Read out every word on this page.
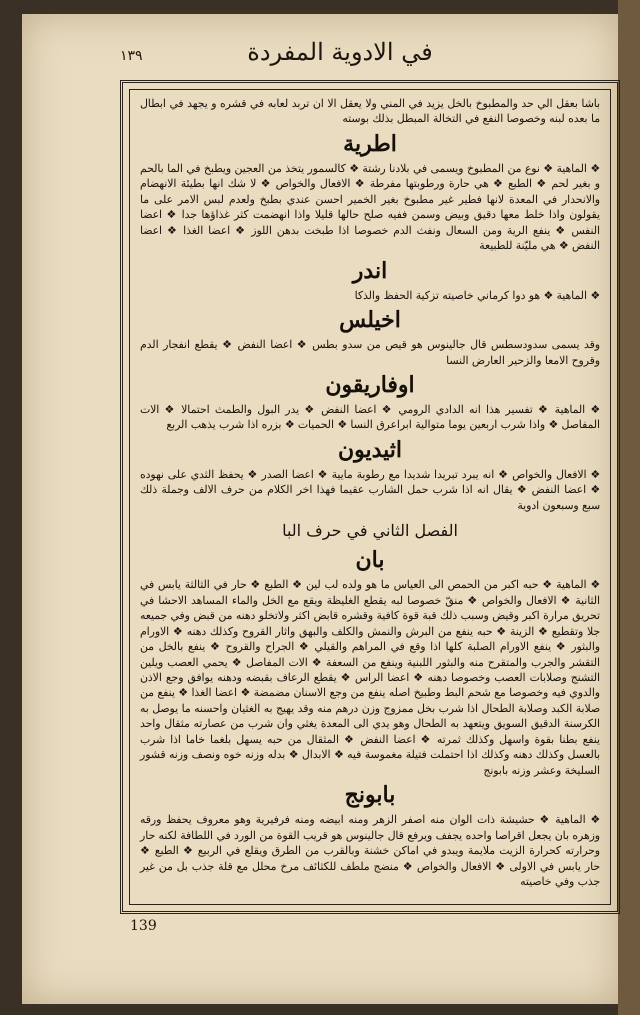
في الادوية المفردة
١٣٩

باشا بعقل الي حد والمطبوخ بالخل يزيد في المني ولا يعقل الا ان تربد لعابه في قشره و يجهد في ابطال ما بعده لبنه وخصوصا النفع في التخالة المبطل بذلك بوسته

اطرية

❖ الماهية ❖ نوع من المطبوخ ويسمى في بلادنا رشتة ❖ كالسمور يتخذ من العجين ويطبخ في الما بالحم و بغير لحم ❖ الطبع ❖ هي حارة ورطوبتها مفرطة ❖ الافعال والخواص ❖ لا شك انها بطيئة الانهضام والانحدار في المعدة لانها فطير غير مطبوخ بغير الخمير احسن عندي بطبخ ولعدم لبس الامر على ما يقولون واذا خلط معها دقيق وبيض وسمن ففيه صلح حالها قليلا واذا انهضمت كثر غذاؤها جدا ❖ اعضا النفس ❖ ينفع الرية ومن السعال ونفث الدم خصوصا اذا طبخت بدهن اللوز ❖ اعضا الغذا ❖ اعضا النفض ❖ هي مليّنة للطبيعة

اندر

❖ الماهية ❖ هو دوا كرماني خاصيته تزكية الحفظ والذكا

اخيلس

وقد يسمى سدودسطس قال جالينوس هو قيص من سدو بطس ❖ اعضا النفض ❖ يقطع انفجار الدم وقروح الامعا والزحير العارض النسا

اوفاريقون

❖ الماهية ❖ تفسير هذا انه الدادي الرومي ❖ اعضا النفض ❖ يدر البول والطمث احتمالا ❖ الات المفاصل ❖ واذا شرب اربعين يوما متوالية ابراعرق النسا ❖ الحميات ❖ بزره اذا شرب يذهب الربع

اثيديون

❖ الافعال والخواص ❖ انه يبرد تبريدا شديدا مع رطوبة مايية ❖ اعضا الصدر ❖ يحفظ الثدي على نهوده ❖ اعضا النفض ❖ يقال انه اذا شرب حمل الشارب عقيما فهذا اخر الكلام من حرف الالف وجملة ذلك سبع وسبعون ادوية

الفصل الثاني في حرف البا
بان

❖ الماهية ❖ حبه اكبر من الحمص الى العياس ما هو ولده لب لين ❖ الطبع ❖ حار في الثالثة يابس في الثانية ❖ الافعال والخواص ❖ منقّ خصوصا لبه يقطع الغليظة ويقع مع الخل والماء المساهد الاحشا في تحريق مرارة اكبر وقيض وسبب ذلك قبة قوة كافية وقشره قابض اكثر ولاتخلو دهنه من قبض وفي جميعه جلا وتقطيع ❖ الزينة ❖ حبه ينفع من البرش والنمش والكلف والبهق واثار القروح وكذلك دهنه ❖ الاورام والبثور ❖ ينفع الاورام الصلبة كلها اذا وقع في المراهم والقيلي ❖ الجراح والقروح ❖ ينفع بالخل من التقشر والجرب والمتقرح منه والبثور اللبنية وينفع من السعفة ❖ الات المفاصل ❖ يحمي العصب ويلين التشنج وصلابات العصب وخصوصا دهنه ❖ اعضا الراس ❖ يقطع الرعاف بقبضه ودهنه يوافق وجع الاذن والدوي فيه وخصوصا مع شحم البط وطبيخ اصله ينفع من وجع الاسنان مضمضة ❖ اعضا الغذا ❖ ينفع من صلابة الكبد وصلابة الطحال اذا شرب بخل ممزوج وزن درهم منه وقد يهيج به الغثيان واحسنه ما يوصل به الكرسنة الدقيق السويق ويتعهد به الطحال وهو يدي الى المعدة يغثي وان شرب من عصارته مثقال واحد ينفع بطنا بقوة واسهل وكذلك ثمرته ❖ اعضا النفض ❖ المثقال من حبه يسهل بلغما خاما اذا شرب بالعسل وكذلك دهنه وكذلك اذا احتملت فتيلة مغموسة فيه ❖ الابدال ❖ بدله وزنه خوه ونصف وزنه قشور السليخة وعشر وزنه بابونج

بابونج

❖ الماهية ❖ حشيشة ذات الوان منه اصفر الزهر ومنه ابيضه ومنه فرفيرية وهو معروف يحفظ ورقه وزهره بان يجعل اقراصا واحده يجفف ويرفع قال جالينوس هو قريب القوة من الورد في اللطافة لكنه حار وحرارته كحرارة الزيت ملايمة ويبدو في اماكن خشنة وبالقرب من الطرق ويقلع في الربيع ❖ الطبع ❖ حار يابس في الاولى ❖ الافعال والخواص ❖ منضج ملطف للكثائف مرخ محلل مع قلة جذب بل من غير جذب وفي خاصيته

139
